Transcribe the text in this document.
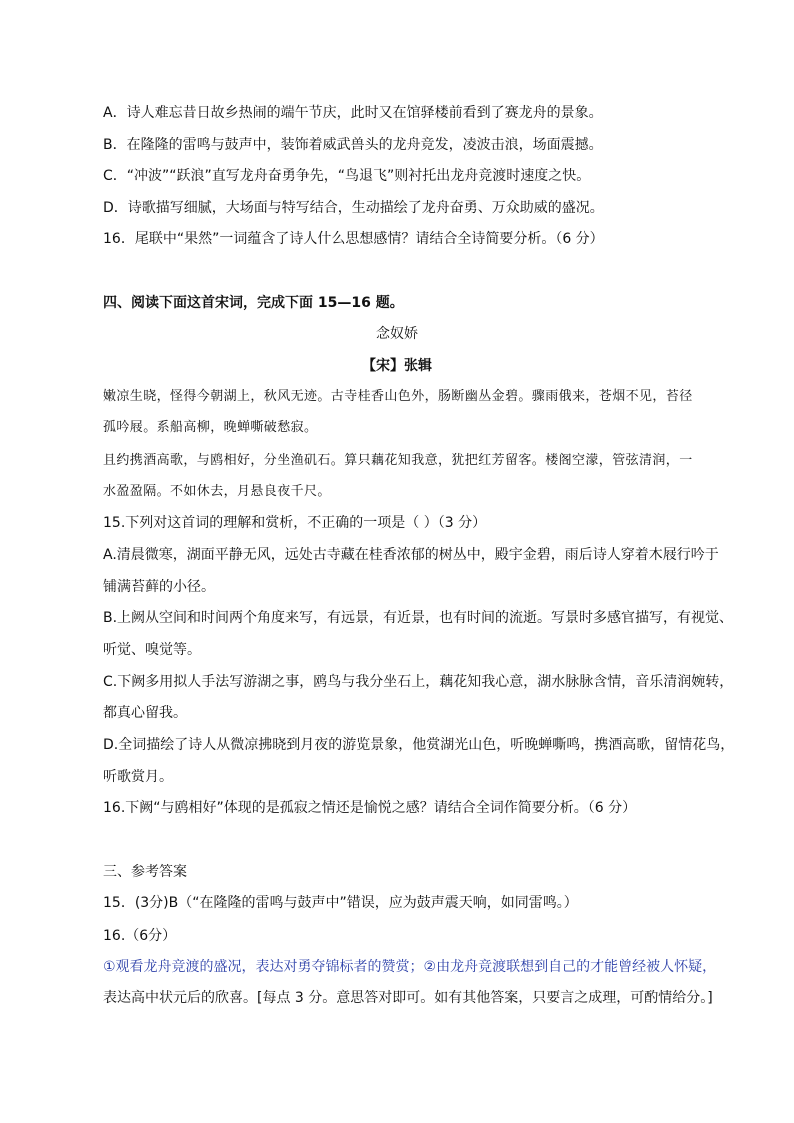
A．诗人难忘昔日故乡热闹的端午节庆，此时又在馆驿楼前看到了赛龙舟的景象。
B．在隆隆的雷鸣与鼓声中，装饰着威武兽头的龙舟竞发，凌波击浪，场面震撼。
C．“冲波”“跃浪”直写龙舟奋勇争先，“鸟退飞”则衬托出龙舟竞渡时速度之快。
D．诗歌描写细腻，大场面与特写结合，生动描绘了龙舟奋勇、万众助威的盛况。
16．尾联中“果然”一词蕴含了诗人什么思想感情？请结合全诗简要分析。（6 分）
四、阅读下面这首宋词，完成下面 15—16 题。
念奴娇
【宋】张辑
嫩凉生晓，怪得今朝湖上，秋风无迹。古寺桂香山色外，肠断幽丛金碧。骤雨俄来，苍烟不见，苔径
孤吟屐。系船高柳，晚蝉嘶破愁寂。
且约携酒高歌，与鸥相好，分坐渔矶石。算只藕花知我意，犹把红芳留客。楼阁空濛，管弦清润，一
水盈盈隔。不如休去，月悬良夜千尺。
15.下列对这首词的理解和赏析，不正确的一项是（ ）（3 分）
A.清晨微寒，湖面平静无风，远处古寺藏在桂香浓郁的树丛中，殿宇金碧，雨后诗人穿着木屐行吟于
铺满苔藓的小径。
B.上阙从空间和时间两个角度来写，有远景，有近景，也有时间的流逝。写景时多感官描写，有视觉、
听觉、嗅觉等。
C.下阙多用拟人手法写游湖之事，鸥鸟与我分坐石上，藕花知我心意，湖水脉脉含情，音乐清润婉转，
都真心留我。
D.全词描绘了诗人从微凉拂晓到月夜的游览景象，他赏湖光山色，听晚蝉嘶鸣，携酒高歌，留情花鸟，
听歌赏月。
16.下阙“与鸥相好”体现的是孤寂之情还是愉悦之感？请结合全词作简要分析。（6 分）
三、参考答案
15．(3分)B（“在隆隆的雷鸣与鼓声中”错误，应为鼓声震天响，如同雷鸣。）
16.（6分）
①观看龙舟竞渡的盛况，表达对勇夺锦标者的赞赏；②由龙舟竞渡联想到自己的才能曾经被人怀疑，
表达高中状元后的欣喜。[每点 3 分。意思答对即可。如有其他答案，只要言之成理，可酌情给分。]
